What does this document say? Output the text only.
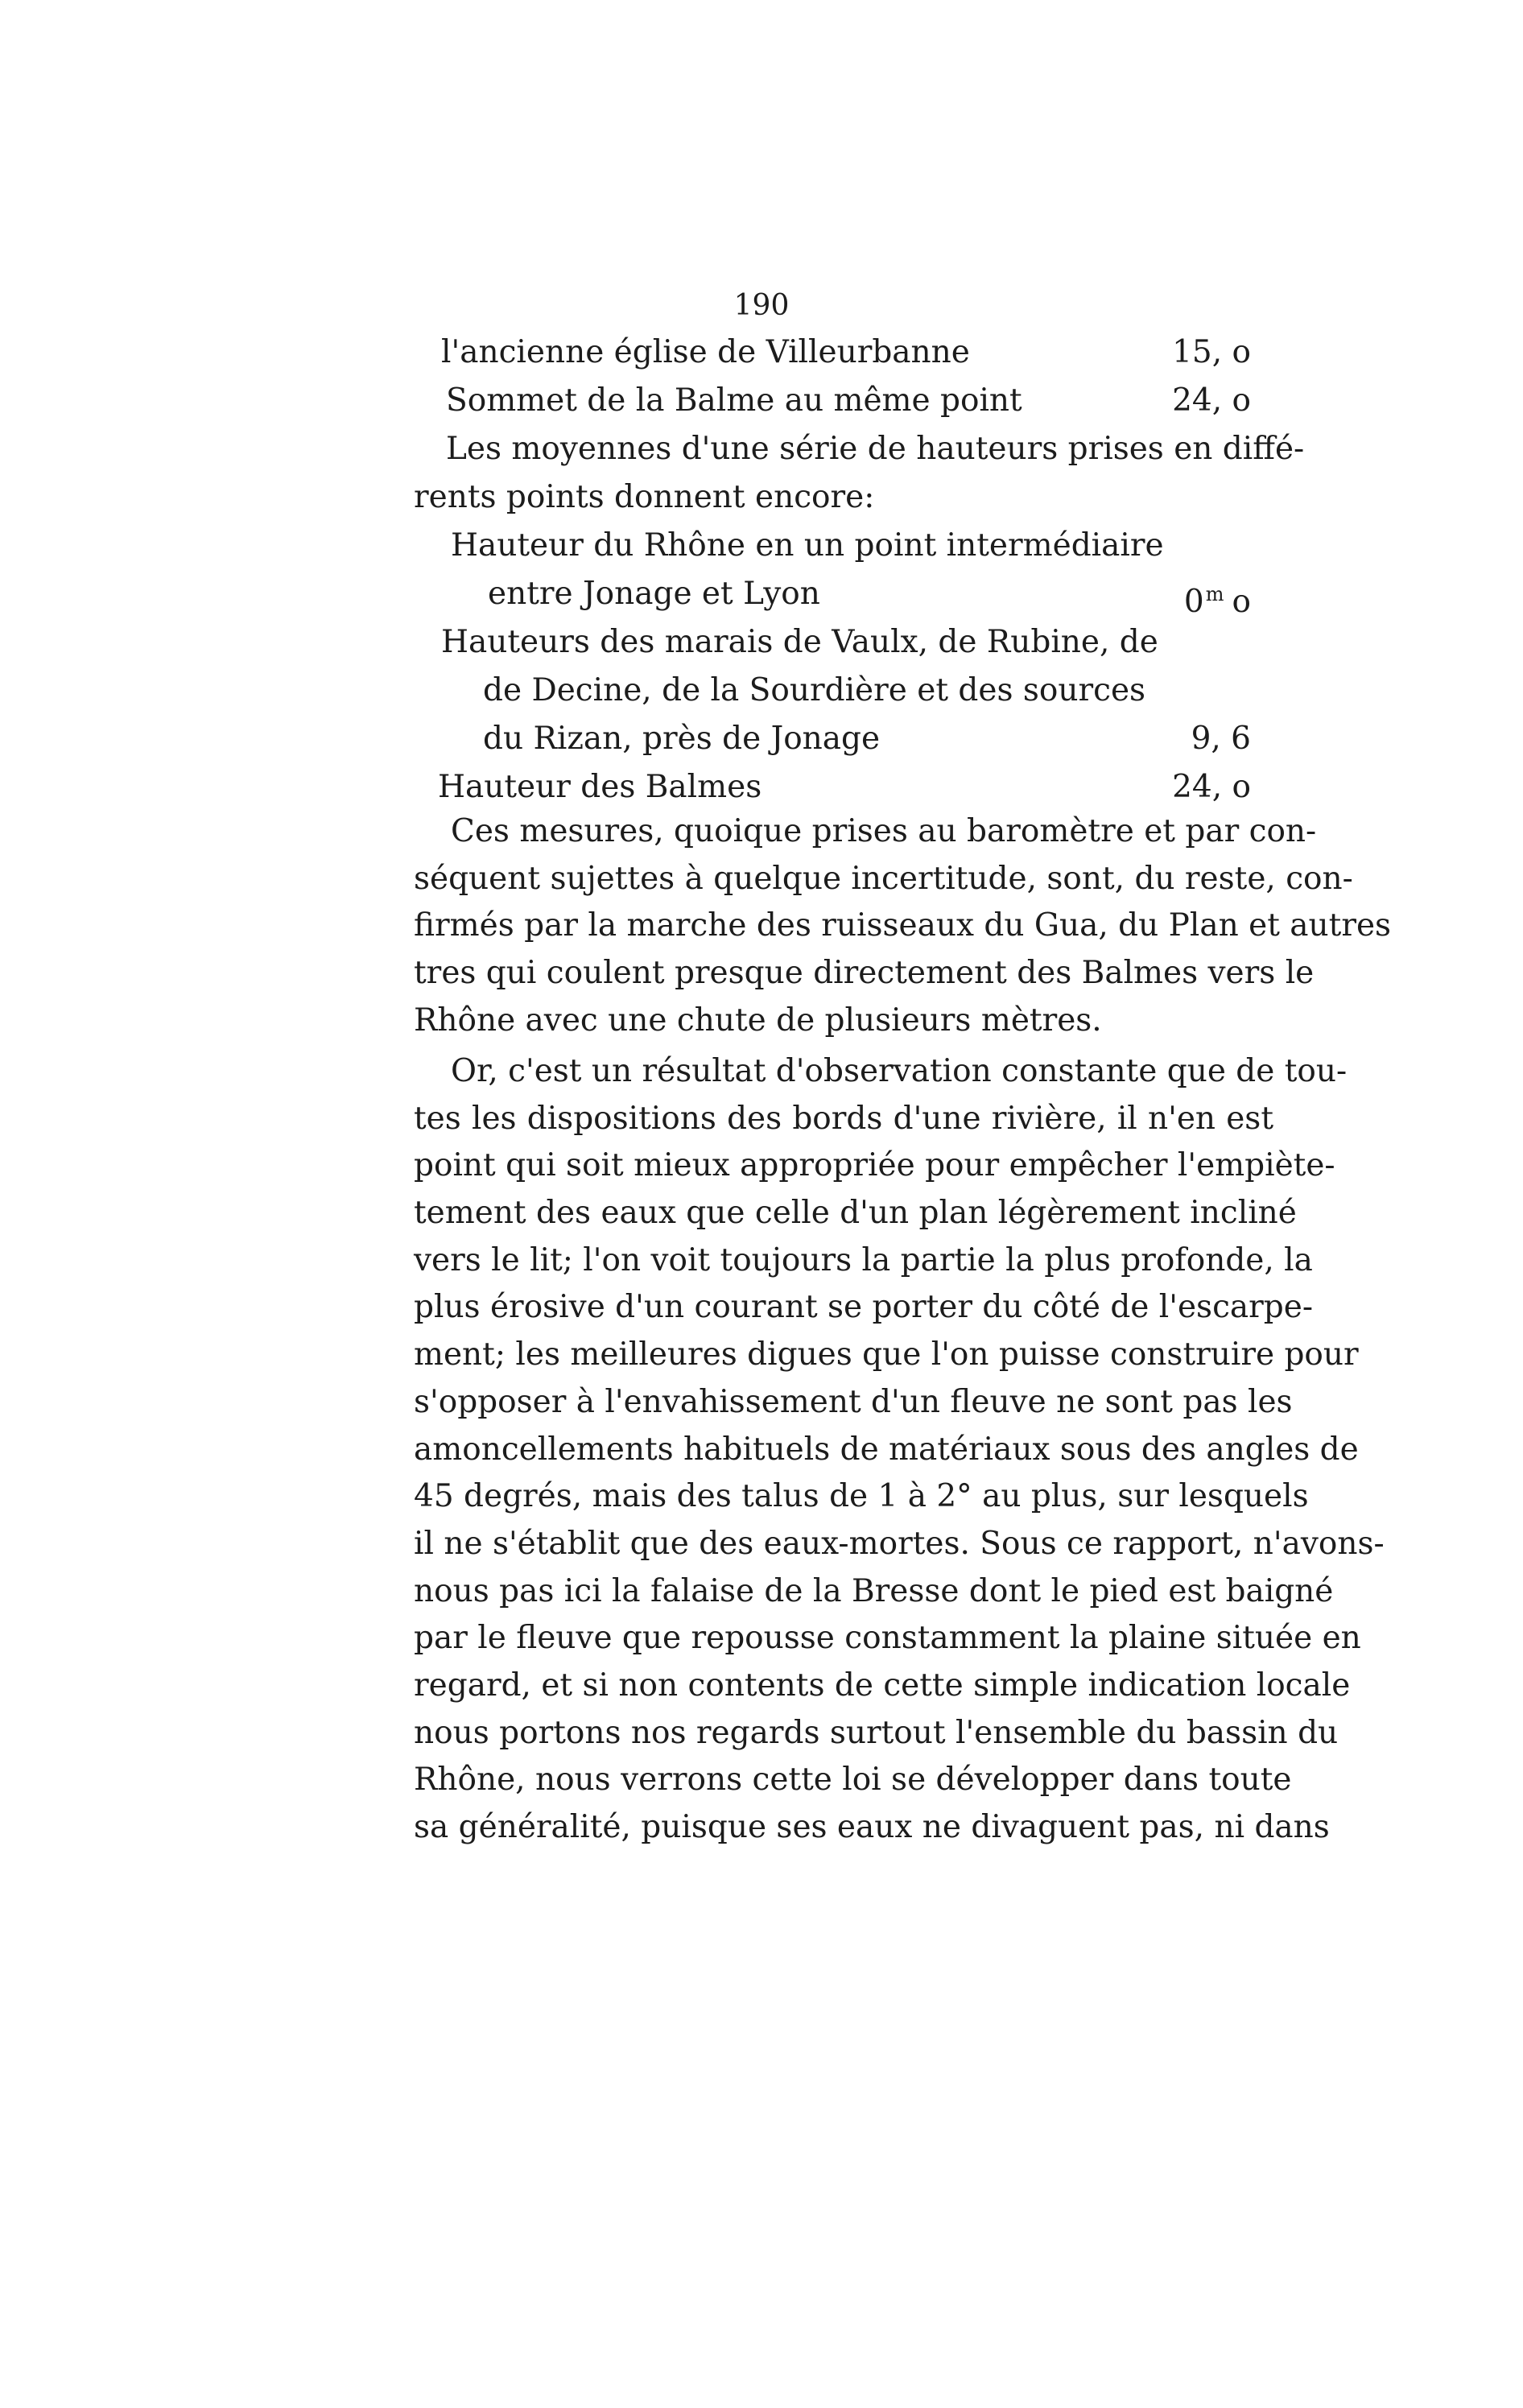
190
l'ancienne église de Villeurbanne	15, o
Sommet de la Balme au même point	24, o
Les moyennes d'une série de hauteurs prises en diffé-
rents points donnent encore:
Hauteur du Rhône en un point intermédiaire
entre Jonage et Lyon	0$^m$ o
Hauteurs des marais de Vaulx, de Rubine, de
de Decine, de la Sourdière et des sources
du Rizan, près de Jonage	9, 6
Hauteur des Balmes	24, o
Ces mesures, quoique prises au baromètre et par con-
séquent sujettes à quelque incertitude, sont, du reste, con-
firmés par la marche des ruisseaux du Gua, du Plan et autres
tres qui coulent presque directement des Balmes vers le
Rhône avec une chute de plusieurs mètres.
Or, c'est un résultat d'observation constante que de tou-
tes les dispositions des bords d'une rivière, il n'en est
point qui soit mieux appropriée pour empêcher l'empiète-
tement des eaux que celle d'un plan légèrement incliné
vers le lit; l'on voit toujours la partie la plus profonde, la
plus érosive d'un courant se porter du côté de l'escarpe-
ment; les meilleures digues que l'on puisse construire pour
s'opposer à l'envahissement d'un fleuve ne sont pas les
amoncellements habituels de matériaux sous des angles de
45 degrés, mais des talus de 1 à 2° au plus, sur lesquels
il ne s'établit que des eaux-mortes. Sous ce rapport, n'avons-
nous pas ici la falaise de la Bresse dont le pied est baigné
par le fleuve que repousse constamment la plaine située en
regard, et si non contents de cette simple indication locale
nous portons nos regards surtout l'ensemble du bassin du
Rhône, nous verrons cette loi se développer dans toute
sa généralité, puisque ses eaux ne divaguent pas, ni dans
